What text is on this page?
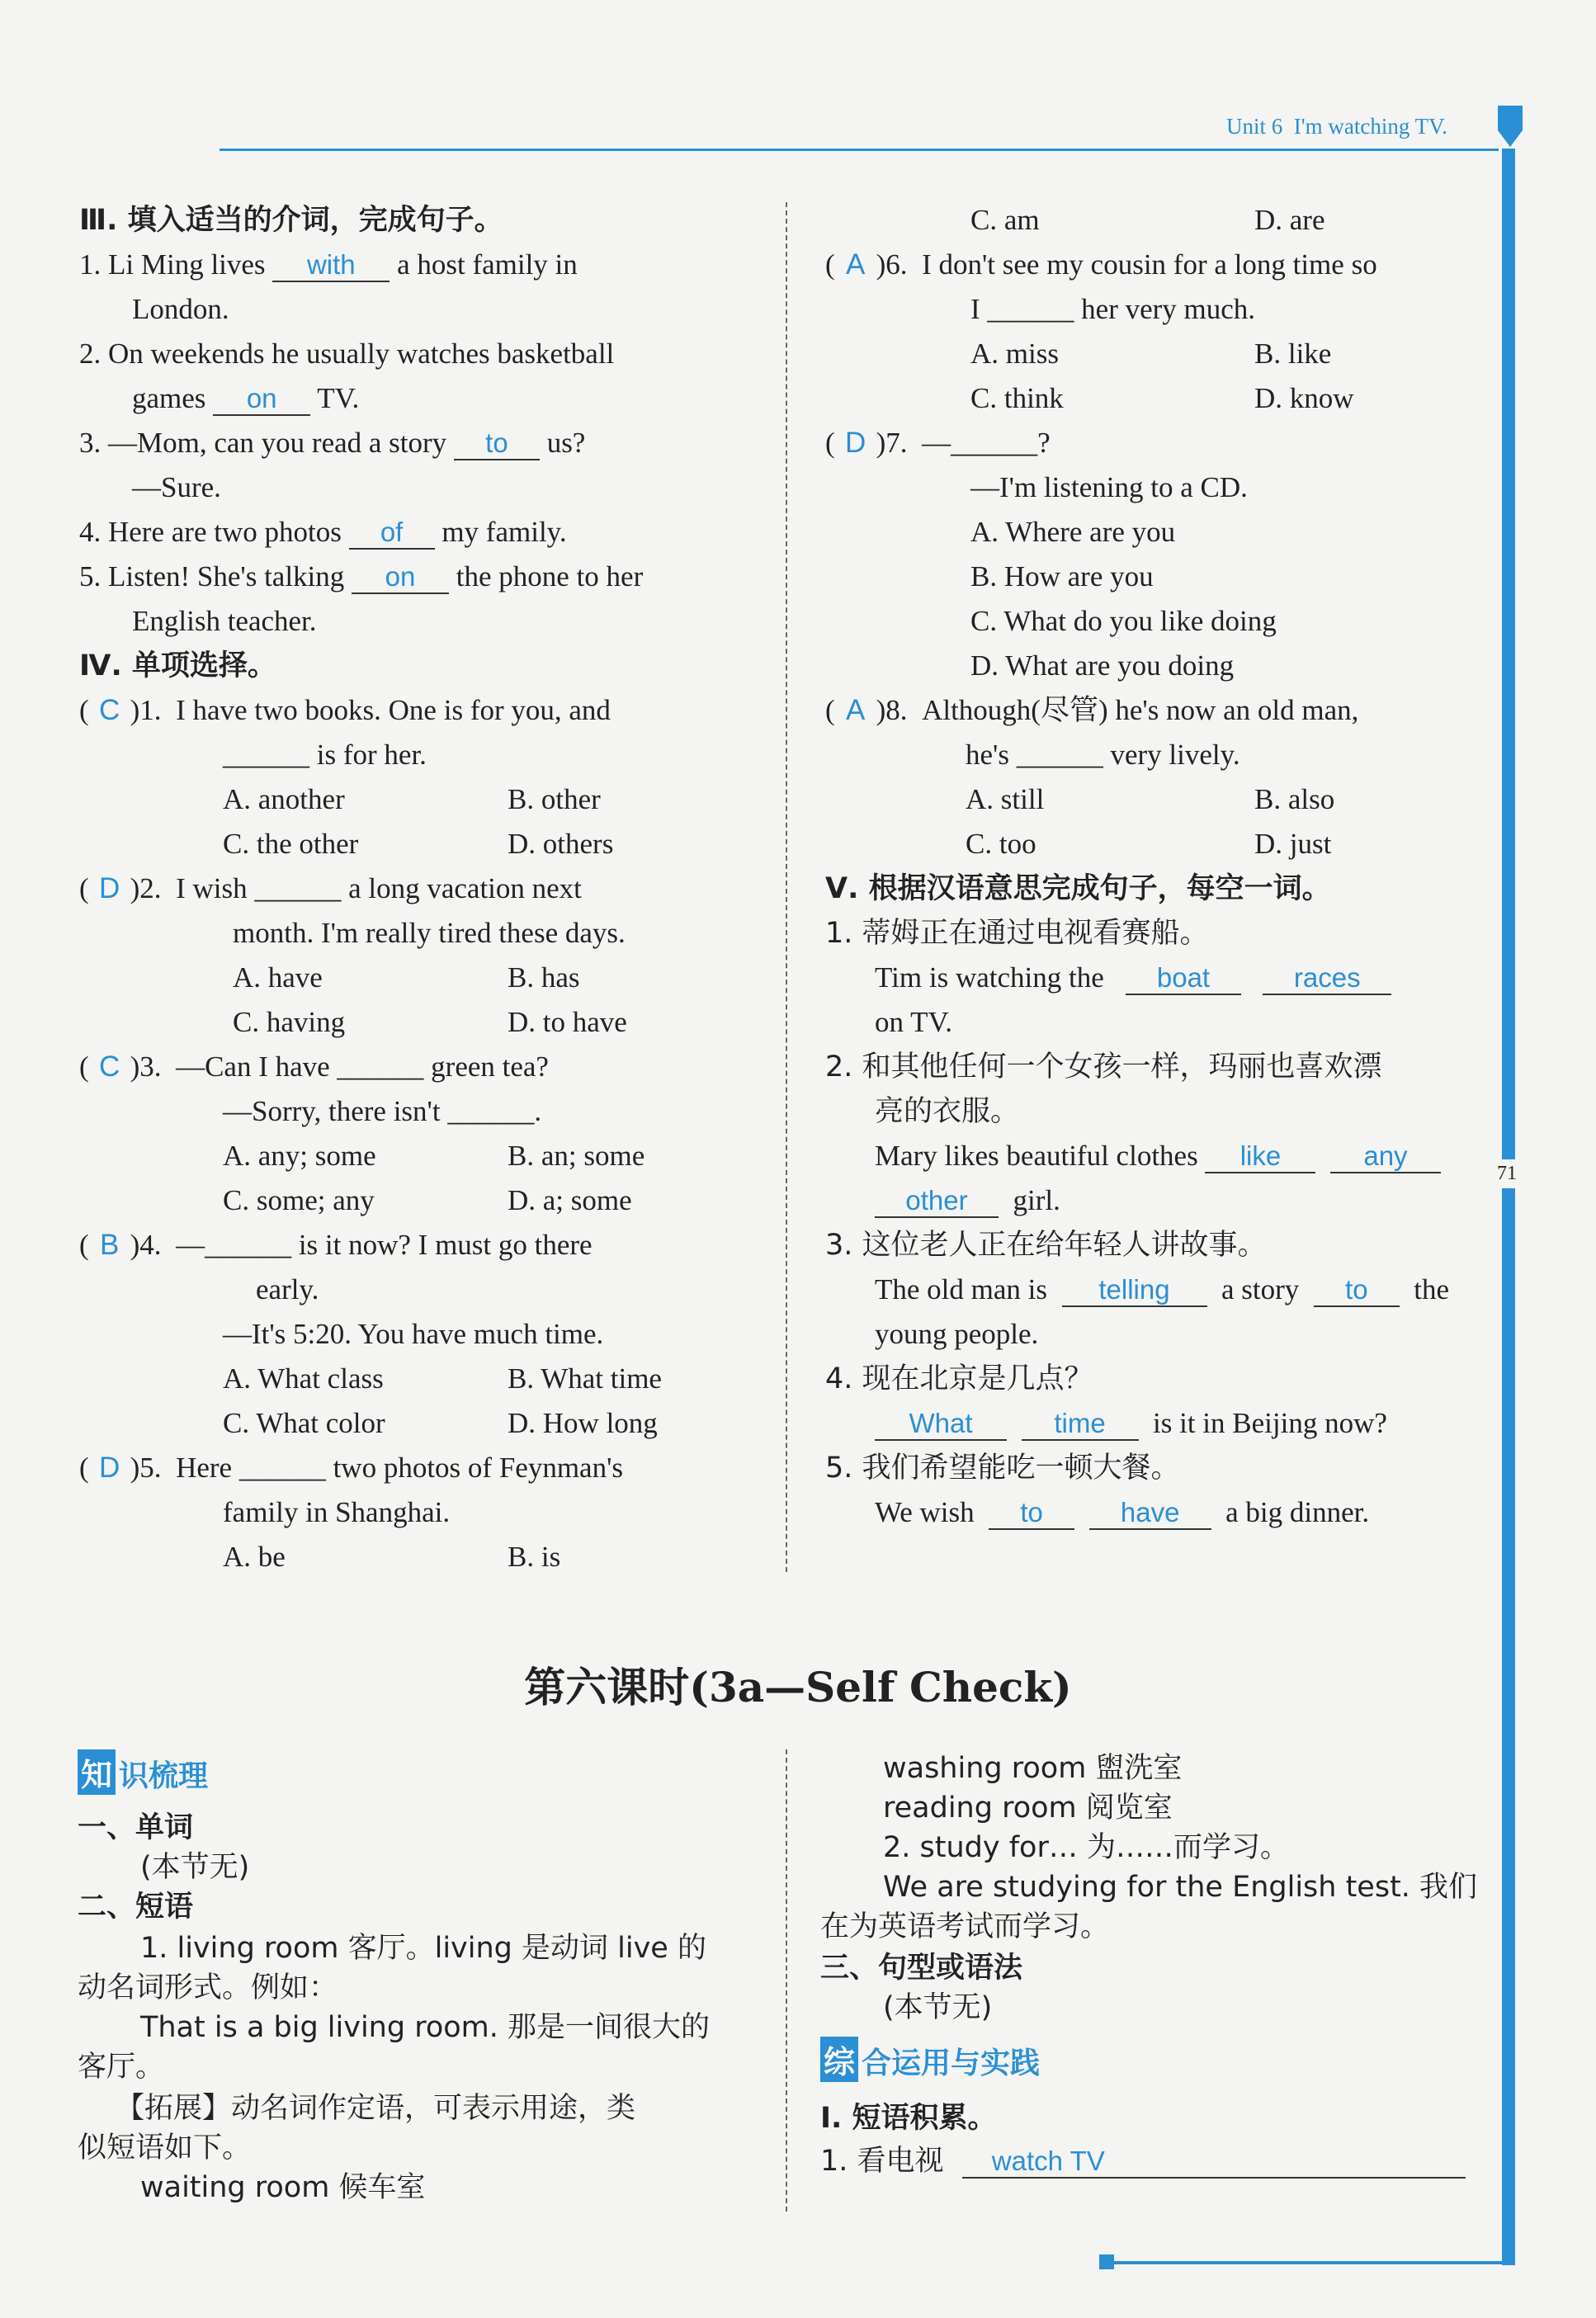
Unit 6 I'm watching TV.
71
Ⅲ. 填入适当的介词，完成句子。
1. Li Ming lives with a host family in
London.
2. On weekends he usually watches basketball
games on TV.
3. —Mom, can you read a story to us?
—Sure.
4. Here are two photos of my family.
5. Listen! She's talking on the phone to her
English teacher.
Ⅳ. 单项选择。
( C )1. I have two books. One is for you, and
______ is for her.
A. another	B. other
C. the other	D. others
( D )2. I wish ______ a long vacation next
month. I'm really tired these days.
A. have	B. has
C. having	D. to have
( C )3. —Can I have ______ green tea?
—Sorry, there isn't ______.
A. any; some	B. an; some
C. some; any	D. a; some
( B )4. —______ is it now? I must go there
early.
—It's 5:20. You have much time.
A. What class	B. What time
C. What color	D. How long
( D )5. Here ______ two photos of Feynman's
family in Shanghai.
A. be	B. is
C. am	D. are
( A )6. I don't see my cousin for a long time so
I ______ her very much.
A. miss	B. like
C. think	D. know
( D )7. —______?
—I'm listening to a CD.
A. Where are you
B. How are you
C. What do you like doing
D. What are you doing
( A )8. Although(尽管) he's now an old man,
he's ______ very lively.
A. still	B. also
C. too	D. just
Ⅴ. 根据汉语意思完成句子，每空一词。
1. 蒂姆正在通过电视看赛船。
Tim is watching the boat	races
on TV.
2. 和其他任何一个女孩一样，玛丽也喜欢漂
亮的衣服。
Mary likes beautiful clothes like	any
other girl.
3. 这位老人正在给年轻人讲故事。
The old man is telling a story to the
young people.
4. 现在北京是几点？
What	time is it in Beijing now?
5. 我们希望能吃一顿大餐。
We wish to	have a big dinner.
第六课时(3a—Self Check)
知 识梳理
一、单词
(本节无)
二、短语
1. living room 客厅。living 是动词 live 的
动名词形式。例如：
That is a big living room. 那是一间很大的
客厅。
【拓展】动名词作定语，可表示用途，类
似短语如下。
waiting room 候车室
washing room 盥洗室
reading room 阅览室
2. study for… 为……而学习。
We are studying for the English test. 我们
在为英语考试而学习。
三、句型或语法
(本节无)
综 合运用与实践
Ⅰ. 短语积累。
1. 看电视 watch TV
